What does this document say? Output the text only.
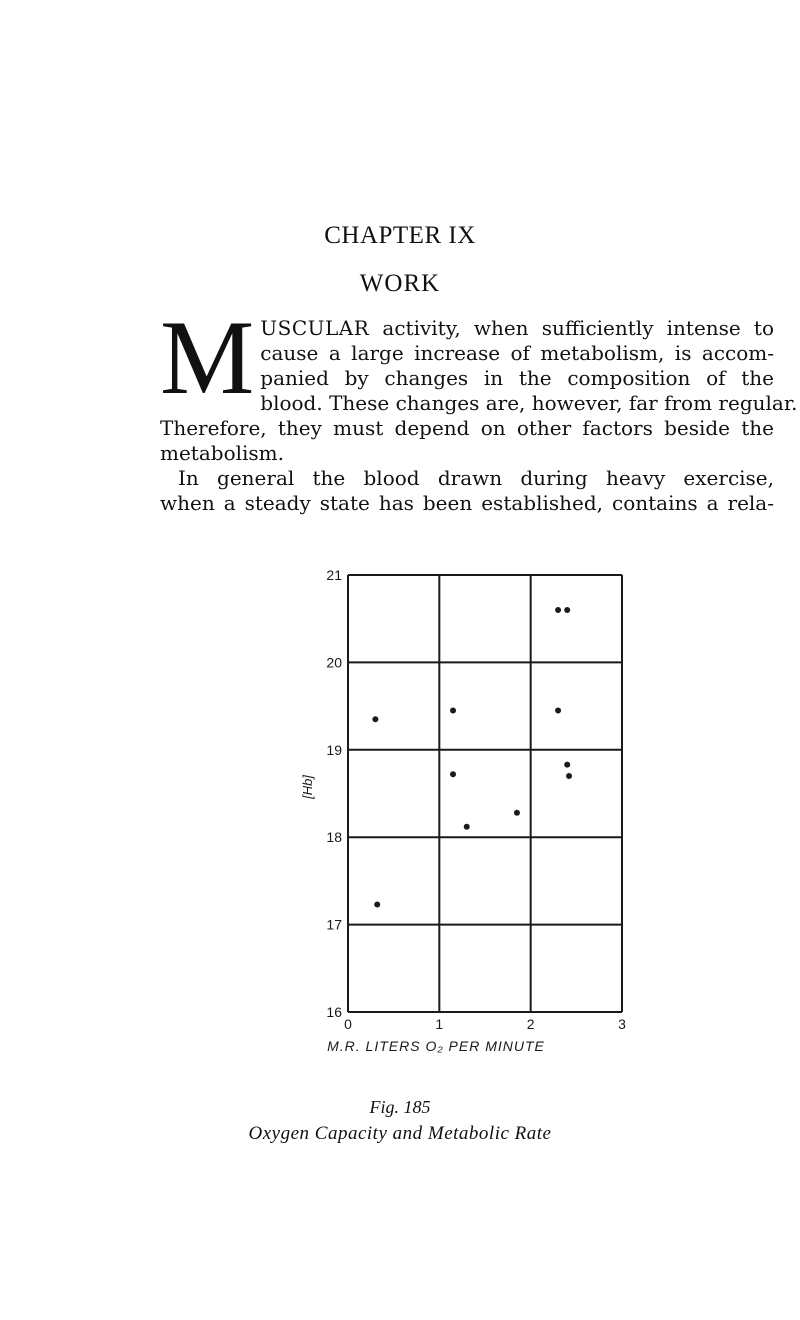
CHAPTER IX
WORK

M USCULAR activity, when sufficiently intense to
cause a large increase of metabolism, is accom-
panied by changes in the composition of the
blood. These changes are, however, far from regular.
Therefore, they must depend on other factors beside the
metabolism.

In general the blood drawn during heavy exercise,
when a steady state has been established, contains a rela-

16
17
18
19
20
21
0	1	2	3
M.R. LITERS O₂ PER MINUTE
[Hb]
Fig. 185
Oxygen Capacity and Metabolic Rate
